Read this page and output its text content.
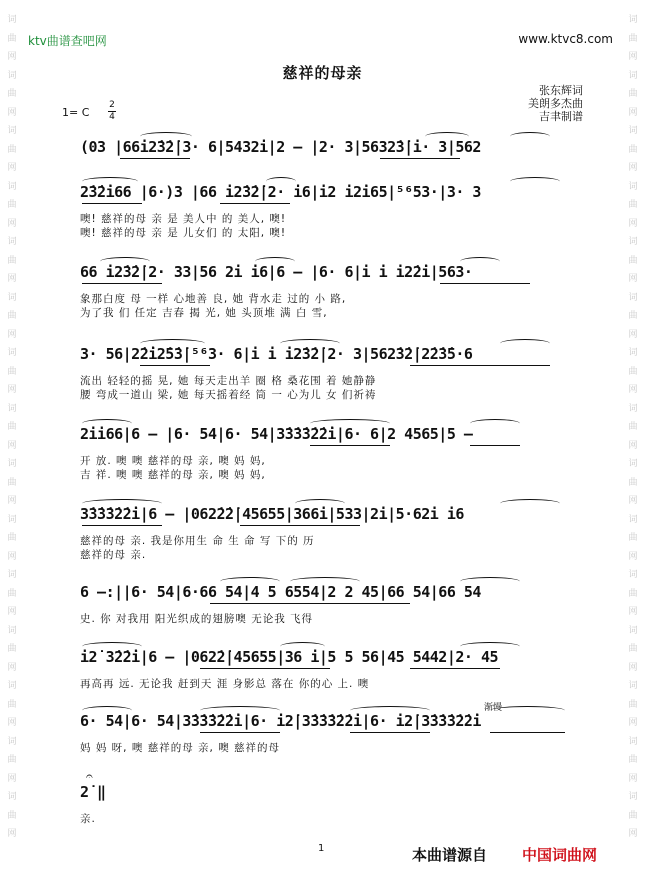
词
曲
网
词
曲
网
词
曲
网
词
曲
网
词
曲
网
词
曲
网
词
曲
网
词
曲
网
词
曲
网
词
曲
网
词
曲
网
词
曲
网
词
曲
网
词
曲
网
词
曲
网
词
曲
网
词
曲
网
词
曲
网
词
曲
网
词
曲
网
词
曲
网
词
曲
网
词
曲
网
词
曲
网
词
曲
网
词
曲
网
词
曲
网
词
曲
网
词
曲
网
词
曲
网
ktv曲谱查吧网	www.ktvc8.com
慈祥的母亲
张东辉词
美朗多杰曲
吉聿制谱
1= C
2
4
(03 |66i2̇3̇2̇|3· 6|5432i|2 — |2· 3|5632̇3̇|i· 3|562
2̇3̇2̇i66 |6·)3 |66 i2̇3̇2̇|2· i6|i2 i2̇i65|⁵⁶53·|3· 3
噢! 慈祥的母 亲 是 美人中 的 美人, 噢!
噢! 慈祥的母 亲 是 儿女们 的 太阳, 噢!
66 i2̇3̇2̇|2· 33|56 2i i6|6 — |6· 6|i i i2̇2̇i|563·
象那白度 母 一样 心地善 良, 她 背水走 过的 小 路,
为了我 们 任定 吉春 揭 光, 她 头顶堆 满 白 雪,
3· 56|2̇2̇i2̇5̇3̇|⁵⁶3· 6|i i i2̇3̇2̇|2· 3|562̇3̇2̇|2̇2̇3̇5·6
流出 轻轻的摇 晃, 她 每天走出羊 圈 格 桑花围 着 她静静
腰 弯成一道山 梁, 她 每天摇着经 筒 一 心为儿 女 们祈祷
2ii66|6 — |6· 54|6· 54|3̇3̇3̇3̇2̇2̇i|6· 6|2 4565|5 —
开 放. 噢 噢 慈祥的母 亲, 噢 妈 妈,
吉 祥. 噢 噢 慈祥的母 亲, 噢 妈 妈,
3̇3̇3̇3̇2̇2̇i|6 — |062̇2̇2̇|45655|366i|533|2i|5·62i i6
慈祥的母 亲. 我是你用生 命 生 命 写 下的 历
慈祥的母 亲.
6 —:||6· 54|6·66 54|4 5 6554|2 2 45|66 54|66 54
史. 你 对我用 阳光织成的翅膀噢 无论我 飞得
i2̇ 3̇2̇2̇i|6 — |062̇2̇|45655|36 i|5 5 56|45 5442|2· 45
再高再 远. 无论我 赶到天 涯 身影总 落在 你的心 上. 噢
渐慢
6· 54|6· 54|3̇3̇3̇3̇2̇2̇i|6· i2̇|3̇3̇3̇3̇2̇2̇i|6· i2̇|3̇3̇3̇3̇2̇2̇i
妈 妈 呀, 噢 慈祥的母 亲, 噢 慈祥的母
𝄐
2̇ ‖
亲.
1	本曲谱源自 中国词曲网
